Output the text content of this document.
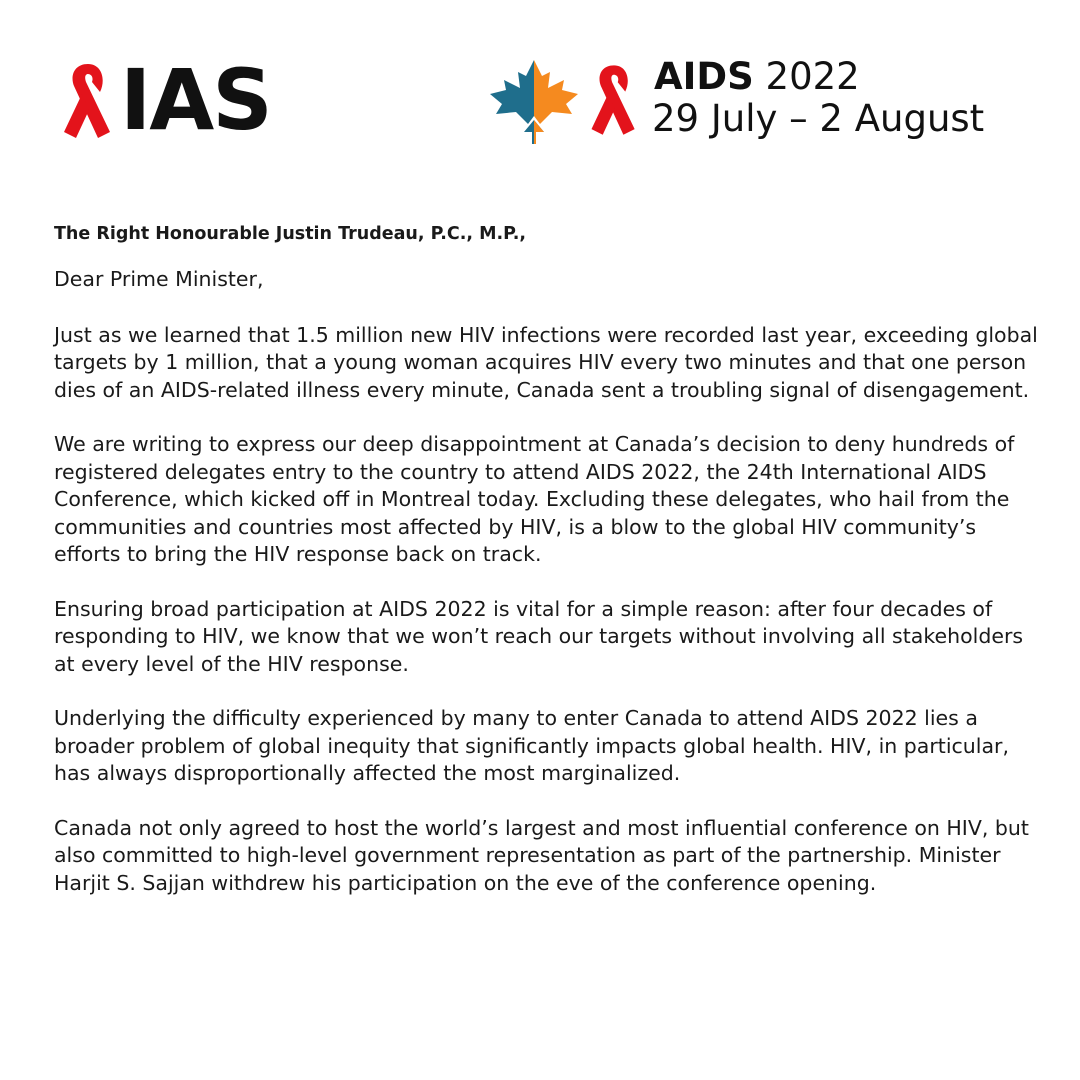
IAS	AIDS 2022
29 July – 2 August

The Right Honourable Justin Trudeau, P.C., M.P.,

Dear Prime Minister,

Just as we learned that 1.5 million new HIV infections were recorded last year, exceeding global targets by 1 million, that a young woman acquires HIV every two minutes and that one person dies of an AIDS-related illness every minute, Canada sent a troubling signal of disengagement.

We are writing to express our deep disappointment at Canada’s decision to deny hundreds of registered delegates entry to the country to attend AIDS 2022, the 24th International AIDS Conference, which kicked off in Montreal today. Excluding these delegates, who hail from the communities and countries most affected by HIV, is a blow to the global HIV community’s efforts to bring the HIV response back on track.

Ensuring broad participation at AIDS 2022 is vital for a simple reason: after four decades of responding to HIV, we know that we won’t reach our targets without involving all stakeholders at every level of the HIV response.

Underlying the difficulty experienced by many to enter Canada to attend AIDS 2022 lies a broader problem of global inequity that significantly impacts global health. HIV, in particular, has always disproportionally affected the most marginalized.

Canada not only agreed to host the world’s largest and most influential conference on HIV, but also committed to high-level government representation as part of the partnership. Minister Harjit S. Sajjan withdrew his participation on the eve of the conference opening.
